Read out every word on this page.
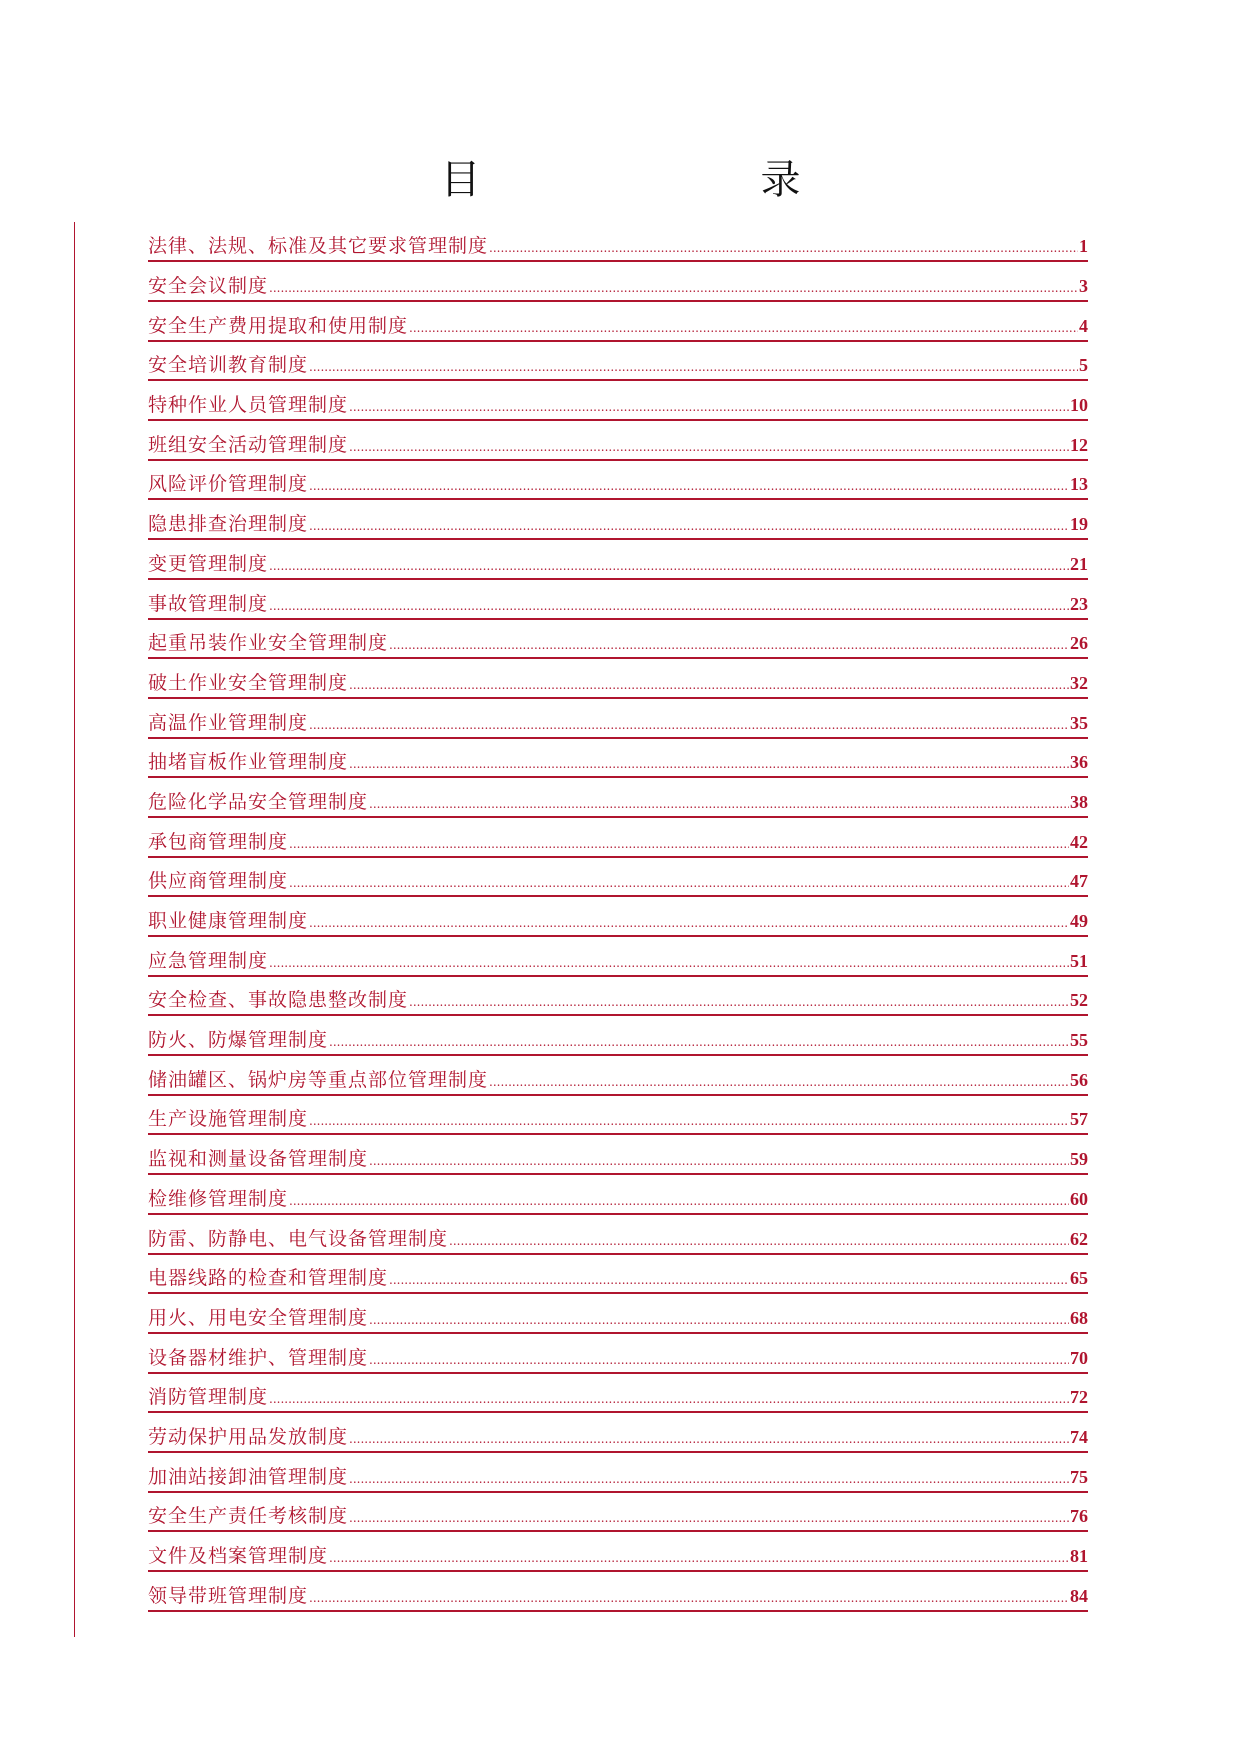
目　录
法律、法规、标准及其它要求管理制度 .....	1
安全会议制度 .....	3
安全生产费用提取和使用制度 .....	4
安全培训教育制度 .....	5
特种作业人员管理制度 .....	10
班组安全活动管理制度 .....	12
风险评价管理制度 .....	13
隐患排查治理制度 .....	19
变更管理制度 .....	21
事故管理制度 .....	23
起重吊装作业安全管理制度 .....	26
破土作业安全管理制度 .....	32
高温作业管理制度 .....	35
抽堵盲板作业管理制度 .....	36
危险化学品安全管理制度 .....	38
承包商管理制度 .....	42
供应商管理制度 .....	47
职业健康管理制度 .....	49
应急管理制度 .....	51
安全检查、事故隐患整改制度 .....	52
防火、防爆管理制度 .....	55
储油罐区、锅炉房等重点部位管理制度 .....	56
生产设施管理制度 .....	57
监视和测量设备管理制度 .....	59
检维修管理制度 .....	60
防雷、防静电、电气设备管理制度 .....	62
电器线路的检查和管理制度 .....	65
用火、用电安全管理制度 .....	68
设备器材维护、管理制度 .....	70
消防管理制度 .....	72
劳动保护用品发放制度 .....	74
加油站接卸油管理制度 .....	75
安全生产责任考核制度 .....	76
文件及档案管理制度 .....	81
领导带班管理制度 .....	84
